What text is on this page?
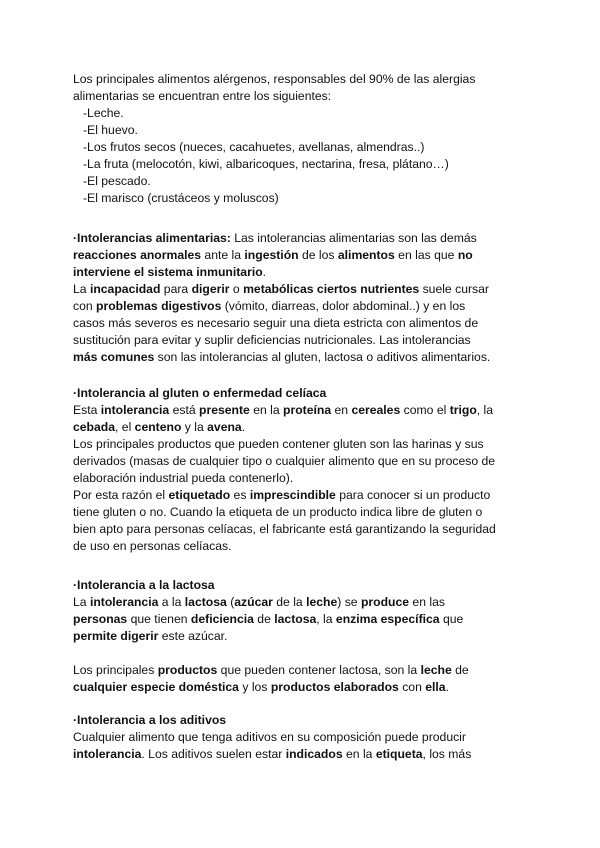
Los principales alimentos alérgenos, responsables del 90% de las alergias
alimentarias se encuentran entre los siguientes:
-Leche.
-El huevo.
-Los frutos secos (nueces, cacahuetes, avellanas, almendras..)
-La fruta (melocotón, kiwi, albaricoques, nectarina, fresa, plátano…)
-El pescado.
-El marisco (crustáceos y moluscos)
·Intolerancias alimentarias: Las intolerancias alimentarias son las demás
reacciones anormales ante la ingestión de los alimentos en las que no
interviene el sistema inmunitario.
La incapacidad para digerir o metabólicas ciertos nutrientes suele cursar
con problemas digestivos (vómito, diarreas, dolor abdominal..) y en los
casos más severos es necesario seguir una dieta estricta con alimentos de
sustitución para evitar y suplir deficiencias nutricionales. Las intolerancias
más comunes son las intolerancias al gluten, lactosa o aditivos alimentarios.
·Intolerancia al gluten o enfermedad celíaca
Esta intolerancia está presente en la proteína en cereales como el trigo, la
cebada, el centeno y la avena.
Los principales productos que pueden contener gluten son las harinas y sus
derivados (masas de cualquier tipo o cualquier alimento que en su proceso de
elaboración industrial pueda contenerlo).
Por esta razón el etiquetado es imprescindible para conocer si un producto
tiene gluten o no. Cuando la etiqueta de un producto indica libre de gluten o
bien apto para personas celíacas, el fabricante está garantizando la seguridad
de uso en personas celíacas.
·Intolerancia a la lactosa
La intolerancia a la lactosa (azúcar de la leche) se produce en las
personas que tienen deficiencia de lactosa, la enzima específica que
permite digerir este azúcar.
Los principales productos que pueden contener lactosa, son la leche de
cualquier especie doméstica y los productos elaborados con ella.
·Intolerancia a los aditivos
Cualquier alimento que tenga aditivos en su composición puede producir
intolerancia. Los aditivos suelen estar indicados en la etiqueta, los más
